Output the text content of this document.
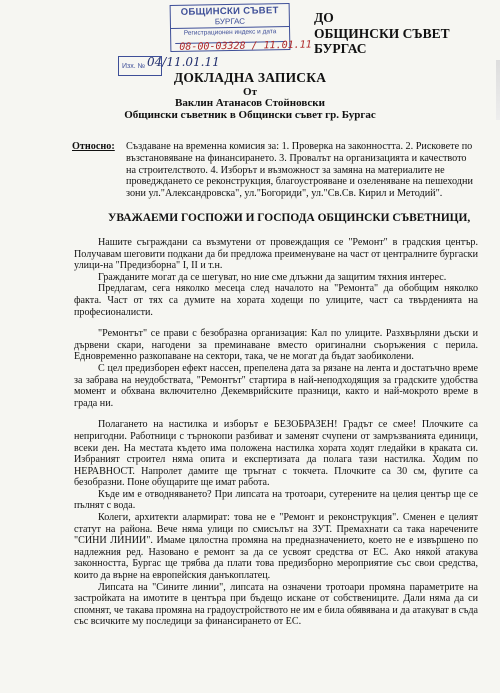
ОБЩИНСКИ СЪВЕТ
БУРГАС
Регистрационен индекс и дата
08-00-03328 / 11.01.11
Изх. № 04/11.01.11
ДО
ОБЩИНСКИ СЪВЕТ
БУРГАС
ДОКЛАДНА ЗАПИСКА
От
Ваклин Атанасов Стойновски
Общински съветник в Общински съвет гр. Бургас
Относно: Създаване на временна комисия за: 1. Проверка на законността. 2. Рисковете по възстановяване на финансирането. 3. Провалът на организацията и качеството на строителството. 4. Изборът и възможност за замяна на материалите не проведждането се реконструкция, благоустрояване и озеленяване на пешеходни зони ул."Александровска", ул."Богориди", ул."Св.Св. Кирил и Методий".
УВАЖАЕМИ ГОСПОЖИ И ГОСПОДА ОБЩИНСКИ СЪВЕТНИЦИ,

Нашите съграждани са възмутени от провеждащия се "Ремонт" в градския център. Получавам шеговити подкани да би предложа преименуване на част от централните бургаски улици-на "Предизборна" I, II и т.н.

Гражданите могат да се шегуват, но ние сме длъжни да защитим тяхния интерес.

Предлагам, сега няколко месеца след началото на "Ремонта" да обобщим няколко факта. Част от тях са думите на хората ходещи по улиците, част са твърденията на професионалисти.

"Ремонтът" се прави с безобразна организация: Кал по улиците. Разхвърляни дъски и дървени скари, нагодени за преминаване вместо оригинални съоръжения с перила. Едновременно разкопаване на сектори, така, че не могат да бъдат заобиколени.

С цел предизборен ефект нассен, препелена дата за рязане на лента и достатъчно време за забрава на неудобствата, "Ремонтът" стартира в най-неподходящия за градските удобства момент и обхвана включително Декемврийските празници, както и най-мокрото време в града ни.

Полагането на настилка и изборът е БЕЗОБРАЗЕН! Градът се смее! Плочките са непригодни. Работници с търнокопи разбиват и заменят счупени от замръзванията единици, всеки ден. На местата където има положена настилка хората ходят гледайки в краката си. Избраният строител няма опита и експертизата да полага тази настилка. Ходим по НЕРАВНОСТ. Напролет дамите ще тръгнат с токчета. Плочките са 30 см, фугите са безобразни. Поне обущарите ще имат работа.

Къде им е отводняването? При липсата на тротоари, сутерените на целия център ще се пълнят с вода.

Колеги, архитекти алармират: това не е "Ремонт и реконструкция". Сменен е целият статут на района. Вече няма улици по смисълът на ЗУТ. Премахнати са така наречените "СИНИ ЛИНИИ". Имаме цялостна промяна на предназначението, което не е извършено по надлежния ред. Назовано е ремонт за да се усвоят средства от ЕС. Ако някой атакува законността, Бургас ще трябва да плати това предизборно мероприятие със свои средства, които да върне на европейския данъкоплатец.

Липсата на "Сините линии", липсата на означени тротоари промяна параметрите на застройката на имотите в центъра при бъдещо искане от собствениците. Дали няма да си спомнят, че такава промяна на градоустройството не им е била обявявана и да атакуват в съда със всичките му последици за финансирането от ЕС.
